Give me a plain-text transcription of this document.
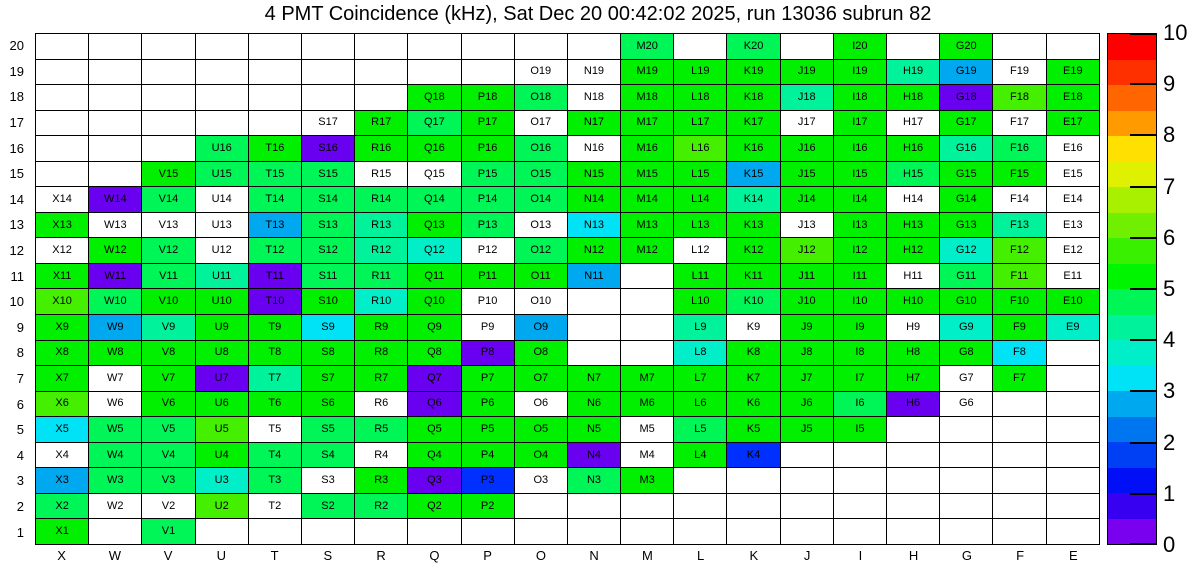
4 PMT Coincidence (kHz), Sat Dec 20 00:42:02 2025, run 13036 subrun 82
20
19
18
17
16
15
14
13
12
11
10
9
8
7
6
5
4
3
2
1
											M20		K20		I20		G20		
									O19	N19	M19	L19	K19	J19	I19	H19	G19	F19	E19
							Q18	P18	O18	N18	M18	L18	K18	J18	I18	H18	G18	F18	E18
					S17	R17	Q17	P17	O17	N17	M17	L17	K17	J17	I17	H17	G17	F17	E17
			U16	T16	S16	R16	Q16	P16	O16	N16	M16	L16	K16	J16	I16	H16	G16	F16	E16
		V15	U15	T15	S15	R15	Q15	P15	O15	N15	M15	L15	K15	J15	I15	H15	G15	F15	E15
X14	W14	V14	U14	T14	S14	R14	Q14	P14	O14	N14	M14	L14	K14	J14	I14	H14	G14	F14	E14
X13	W13	V13	U13	T13	S13	R13	Q13	P13	O13	N13	M13	L13	K13	J13	I13	H13	G13	F13	E13
X12	W12	V12	U12	T12	S12	R12	Q12	P12	O12	N12	M12	L12	K12	J12	I12	H12	G12	F12	E12
X11	W11	V11	U11	T11	S11	R11	Q11	P11	O11	N11		L11	K11	J11	I11	H11	G11	F11	E11
X10	W10	V10	U10	T10	S10	R10	Q10	P10	O10			L10	K10	J10	I10	H10	G10	F10	E10
X9	W9	V9	U9	T9	S9	R9	Q9	P9	O9			L9	K9	J9	I9	H9	G9	F9	E9
X8	W8	V8	U8	T8	S8	R8	Q8	P8	O8			L8	K8	J8	I8	H8	G8	F8	
X7	W7	V7	U7	T7	S7	R7	Q7	P7	O7	N7	M7	L7	K7	J7	I7	H7	G7	F7	
X6	W6	V6	U6	T6	S6	R6	Q6	P6	O6	N6	M6	L6	K6	J6	I6	H6	G6		
X5	W5	V5	U5	T5	S5	R5	Q5	P5	O5	N5	M5	L5	K5	J5	I5				
X4	W4	V4	U4	T4	S4	R4	Q4	P4	O4	N4	M4	L4	K4						
X3	W3	V3	U3	T3	S3	R3	Q3	P3	O3	N3	M3								
X2	W2	V2	U2	T2	S2	R2	Q2	P2											
X1		V1																	
X	W	V	U	T	S	R	Q	P	O	N	M	L	K	J	I	H	G	F	E
10
9
8
7
6
5
4
3
2
1
0
